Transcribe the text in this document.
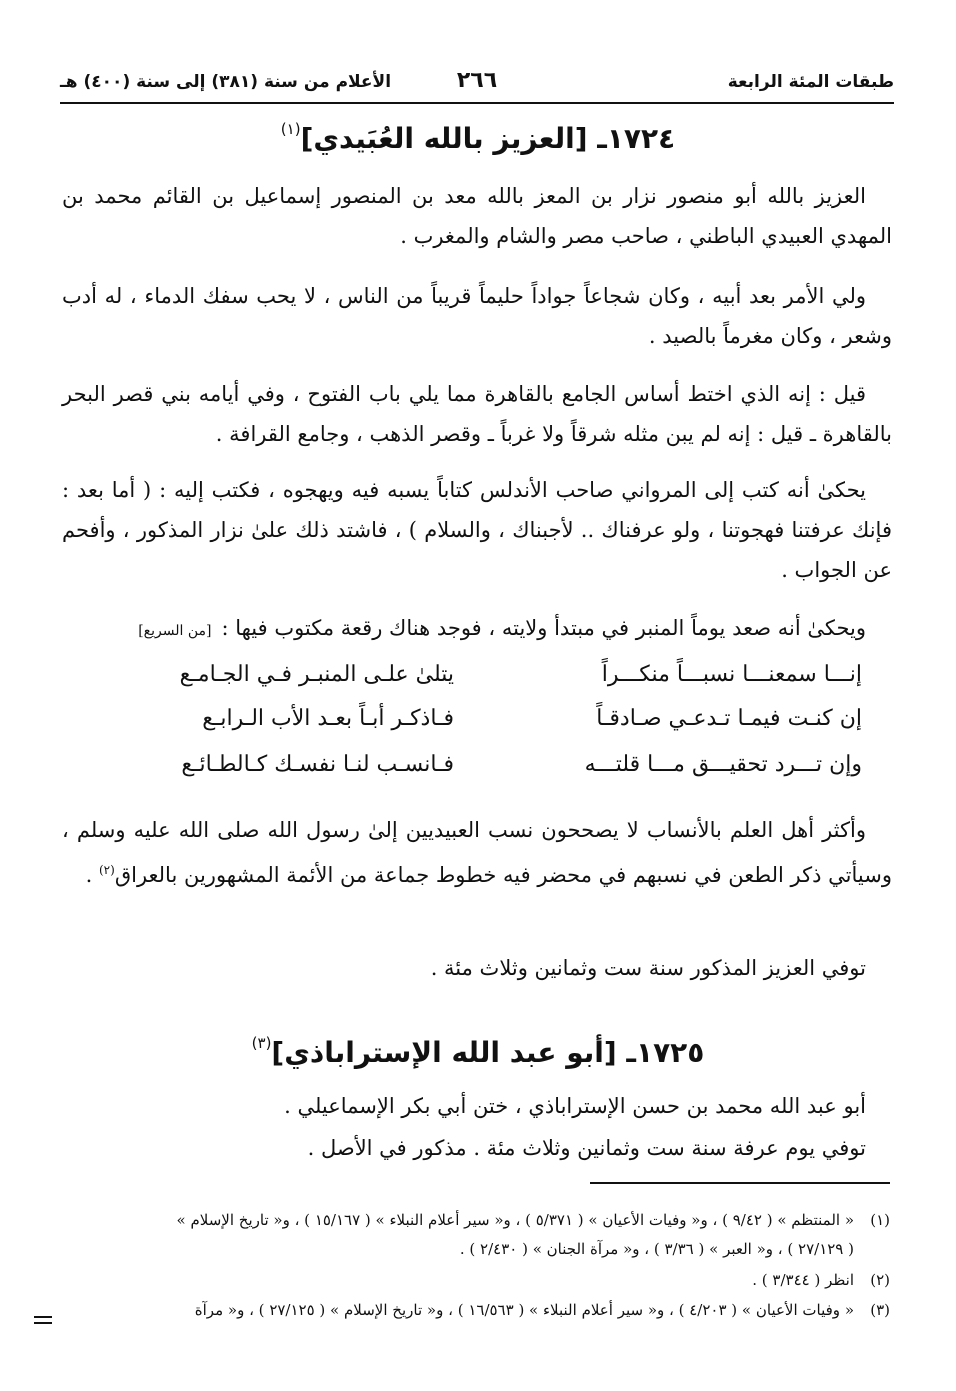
طبقات المئة الرابعة
٢٦٦
الأعلام من سنة (٣٨١) إلى سنة (٤٠٠) هـ
١٧٢٤ـ [العزيز بالله العُبَيدي]$^{(١)}$

العزيز بالله أبو منصور نزار بن المعز بالله معد بن المنصور إسماعيل بن القائم محمد بن المهدي العبيدي الباطني ، صاحب مصر والشام والمغرب .

ولي الأمر بعد أبيه ، وكان شجاعاً جواداً حليماً قريباً من الناس ، لا يحب سفك الدماء ، له أدب وشعر ، وكان مغرماً بالصيد .

قيل : إنه الذي اختط أساس الجامع بالقاهرة مما يلي باب الفتوح ، وفي أيامه بني قصر البحر بالقاهرة ـ قيل : إنه لم يبن مثله شرقاً ولا غرباً ـ وقصر الذهب ، وجامع القرافة .

يحكىٰ أنه كتب إلى المرواني صاحب الأندلس كتاباً يسبه فيه ويهجوه ، فكتب إليه : ( أما بعد : فإنك عرفتنا فهجوتنا ، ولو عرفناك .. لأجبناك ، والسلام ) ، فاشتد ذلك علىٰ نزار المذكور ، وأفحم عن الجواب .

ويحكىٰ أنه صعد يوماً المنبر في مبتدأ ولايته ، فوجد هناك رقعة مكتوب فيها :[من السريع]

إنـــا سمعنـــا نسبـــاً منكـــراً
يتلىٰ علـى المنبـر فـي الجـامـع
إن كنـت فيمـا تـدعـي صـادقـاً
فـاذكـر أبـاً بعـد الأب الـرابـع
وإن تـــرد تحقيـــق مـــا قلتـــه
فـانسـب لنـا نفسـك كـالطـائـع

وأكثر أهل العلم بالأنساب لا يصححون نسب العبيديين إلىٰ رسول الله صلى الله عليه وسلم ، وسيأتي ذكر الطعن في نسبهم في محضر فيه خطوط جماعة من الأئمة المشهورين بالعراق$^{(٢)}$ .

توفي العزيز المذكور سنة ست وثمانين وثلاث مئة .

١٧٢٥ـ [أبو عبد الله الإستراباذي]$^{(٣)}$

أبو عبد الله محمد بن حسن الإستراباذي ، ختن أبي بكر الإسماعيلي .

توفي يوم عرفة سنة ست وثمانين وثلاث مئة . مذكور في الأصل .

(١)« المنتظم » ( ٩/٤٢ ) ، و« وفيات الأعيان » ( ٥/٣٧١ ) ، و« سير أعلام النبلاء » ( ١٥/١٦٧ ) ، و« تاريخ الإسلام »
( ٢٧/١٢٩ ) ، و« العبر » ( ٣/٣٦ ) ، و« مرآة الجنان » ( ٢/٤٣٠ ) .
(٢)انظر ( ٣/٣٤٤ ) .
(٣)« وفيات الأعيان » ( ٤/٢٠٣ ) ، و« سير أعلام النبلاء » ( ١٦/٥٦٣ ) ، و« تاريخ الإسلام » ( ٢٧/١٢٥ ) ، و« مرآة
